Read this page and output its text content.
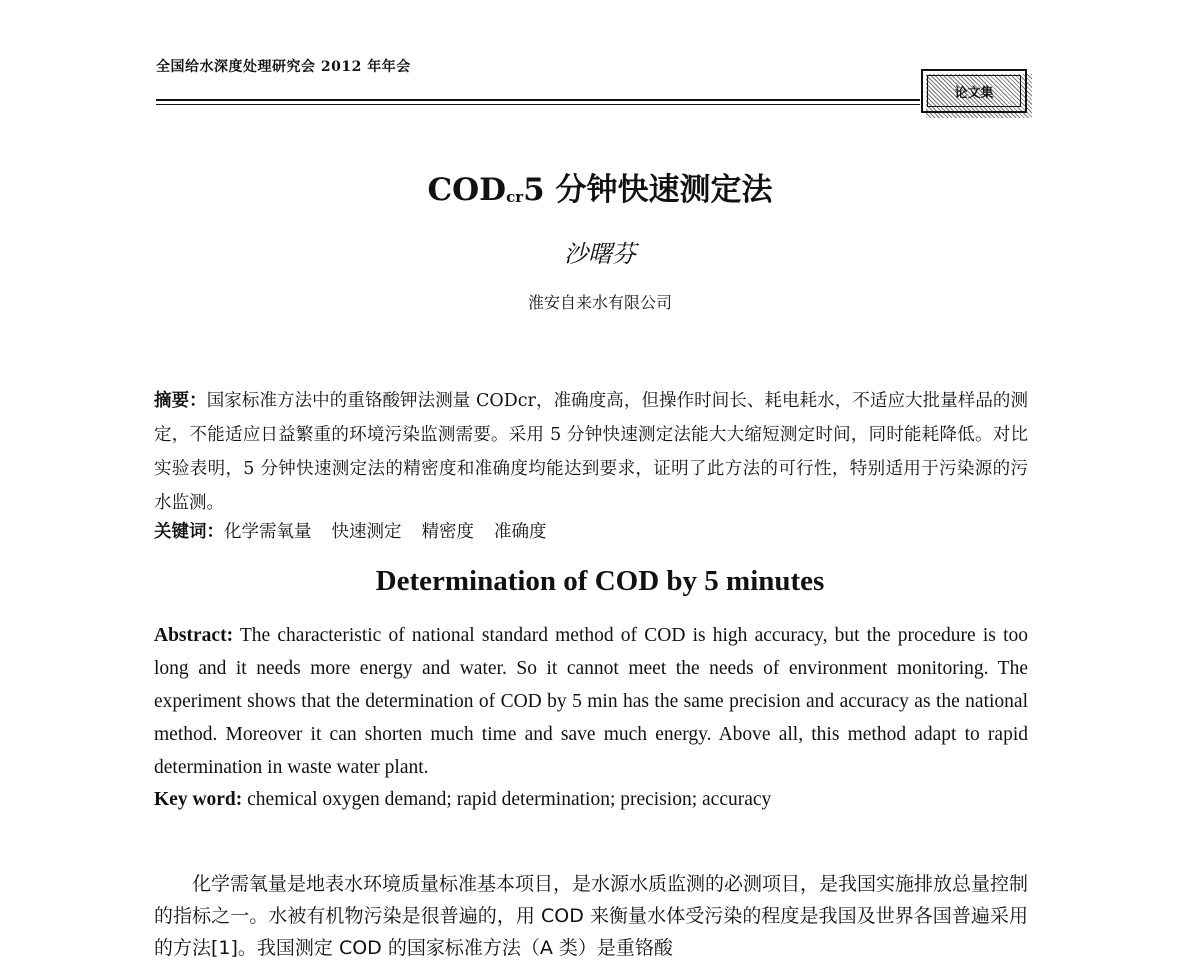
全国给水深度处理研究会 2012 年年会
论文集
$COD_{cr}5$ 分钟快速测定法
沙曙芬
淮安自来水有限公司
摘要：国家标准方法中的重铬酸钾法测量 CODcr，准确度高，但操作时间长、耗电耗水，不适应大批量样品的测定，不能适应日益繁重的环境污染监测需要。采用 5 分钟快速测定法能大大缩短测定时间，同时能耗降低。对比实验表明，5 分钟快速测定法的精密度和准确度均能达到要求，证明了此方法的可行性，特别适用于污染源的污水监测。
关键词：化学需氧量 快速测定 精密度 准确度
Determination of COD by 5 minutes
Abstract: The characteristic of national standard method of COD is high accuracy, but the procedure is too long and it needs more energy and water. So it cannot meet the needs of environment monitoring. The experiment shows that the determination of COD by 5 min has the same precision and accuracy as the national method. Moreover it can shorten much time and save much energy. Above all, this method adapt to rapid determination in waste water plant.
Key word: chemical oxygen demand; rapid determination; precision; accuracy
化学需氧量是地表水环境质量标准基本项目，是水源水质监测的必测项目，是我国实施排放总量控制的指标之一。水被有机物污染是很普遍的，用 COD 来衡量水体受污染的程度是我国及世界各国普遍采用的方法[1]。我国测定 COD 的国家标准方法（A 类）是重铬酸
